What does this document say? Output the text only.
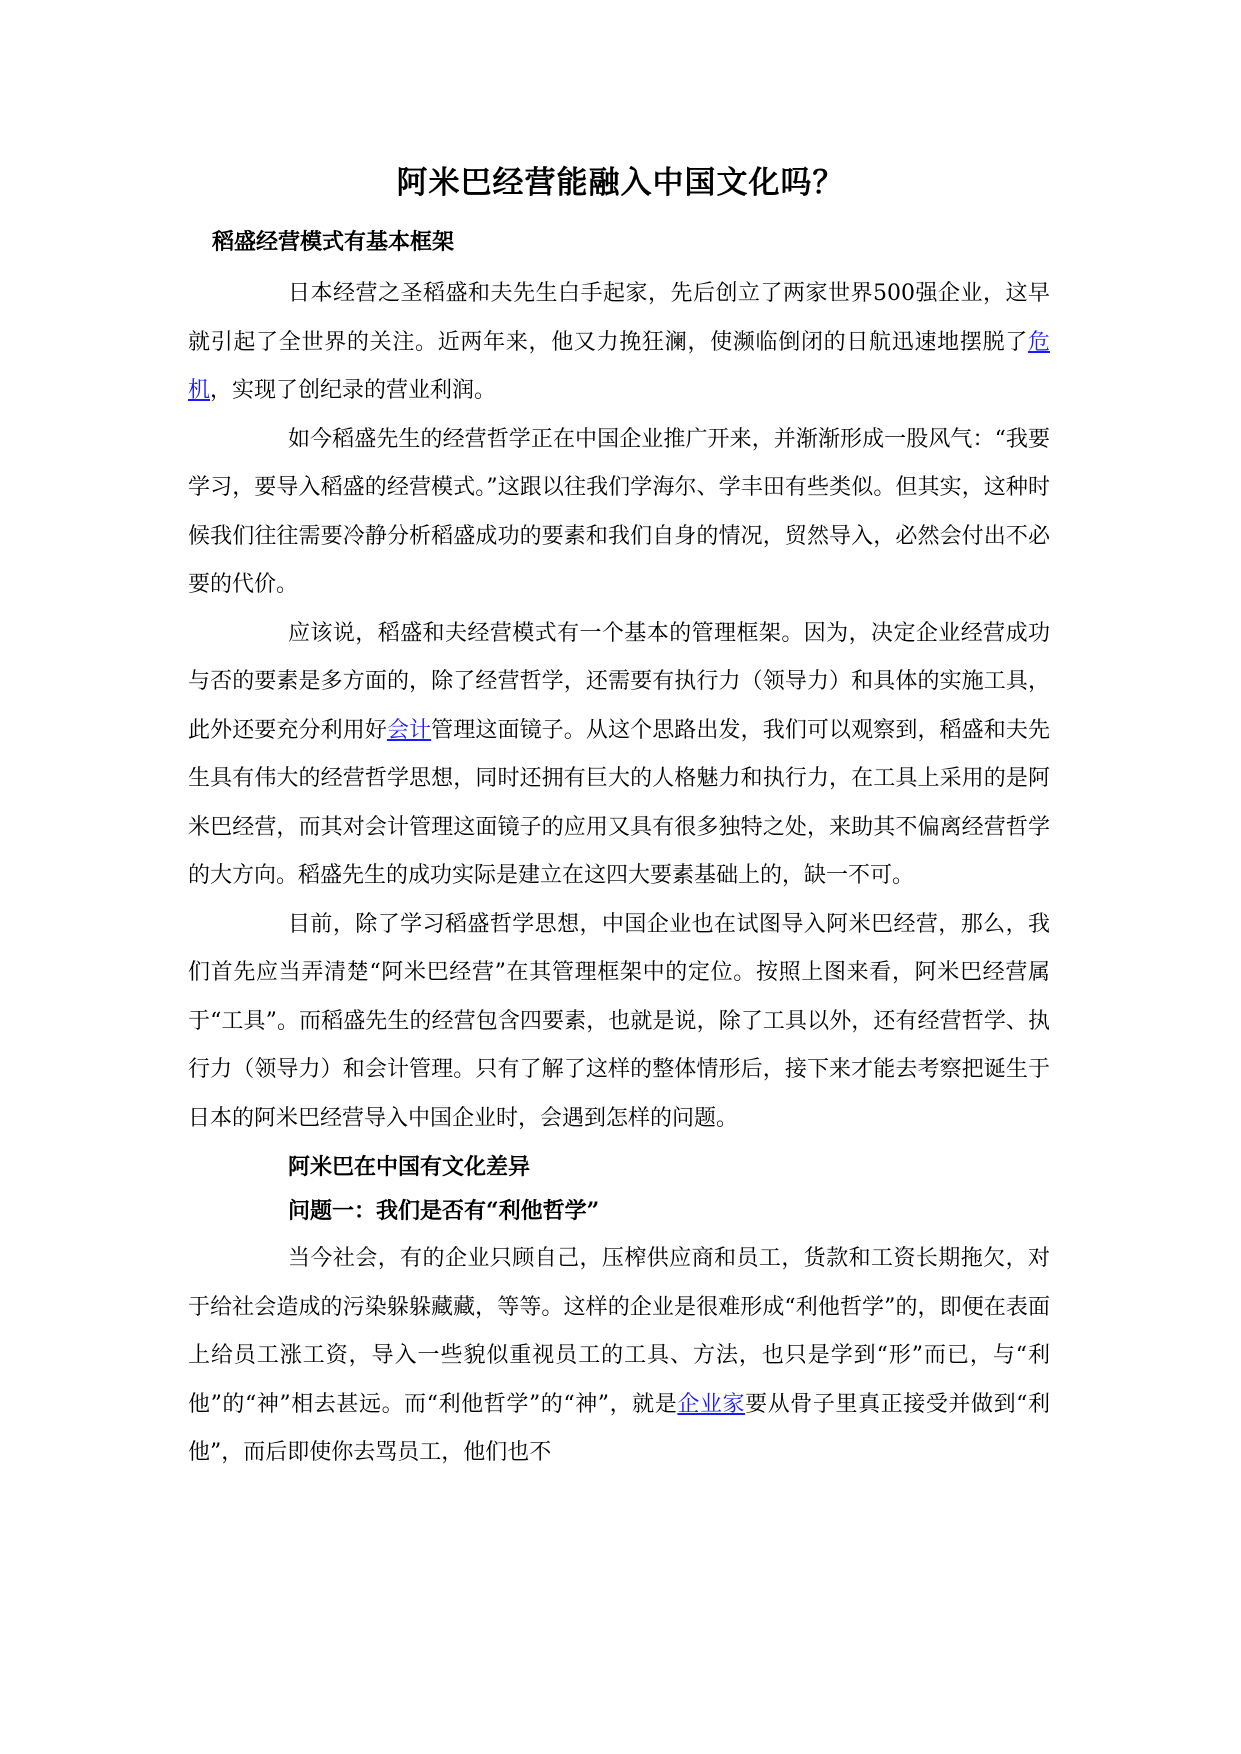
阿米巴经营能融入中国文化吗？
稻盛经营模式有基本框架

日本经营之圣稻盛和夫先生白手起家，先后创立了两家世界500强企业，这早就引起了全世界的关注。近两年来，他又力挽狂澜，使濒临倒闭的日航迅速地摆脱了危机，实现了创纪录的营业利润。

如今稻盛先生的经营哲学正在中国企业推广开来，并渐渐形成一股风气：“我要学习，要导入稻盛的经营模式。”这跟以往我们学海尔、学丰田有些类似。但其实，这种时候我们往往需要冷静分析稻盛成功的要素和我们自身的情况，贸然导入，必然会付出不必要的代价。

应该说，稻盛和夫经营模式有一个基本的管理框架。因为，决定企业经营成功与否的要素是多方面的，除了经营哲学，还需要有执行力（领导力）和具体的实施工具，此外还要充分利用好会计管理这面镜子。从这个思路出发，我们可以观察到，稻盛和夫先生具有伟大的经营哲学思想，同时还拥有巨大的人格魅力和执行力，在工具上采用的是阿米巴经营，而其对会计管理这面镜子的应用又具有很多独特之处，来助其不偏离经营哲学的大方向。稻盛先生的成功实际是建立在这四大要素基础上的，缺一不可。

目前，除了学习稻盛哲学思想，中国企业也在试图导入阿米巴经营，那么，我们首先应当弄清楚“阿米巴经营”在其管理框架中的定位。按照上图来看，阿米巴经营属于“工具”。而稻盛先生的经营包含四要素，也就是说，除了工具以外，还有经营哲学、执行力（领导力）和会计管理。只有了解了这样的整体情形后，接下来才能去考察把诞生于日本的阿米巴经营导入中国企业时，会遇到怎样的问题。

阿米巴在中国有文化差异
问题一：我们是否有“利他哲学”

当今社会，有的企业只顾自己，压榨供应商和员工，货款和工资长期拖欠，对于给社会造成的污染躲躲藏藏，等等。这样的企业是很难形成“利他哲学”的，即便在表面上给员工涨工资，导入一些貌似重视员工的工具、方法，也只是学到“形”而已，与“利他”的“神”相去甚远。而“利他哲学”的“神”，就是企业家要从骨子里真正接受并做到“利他”，而后即使你去骂员工，他们也不
